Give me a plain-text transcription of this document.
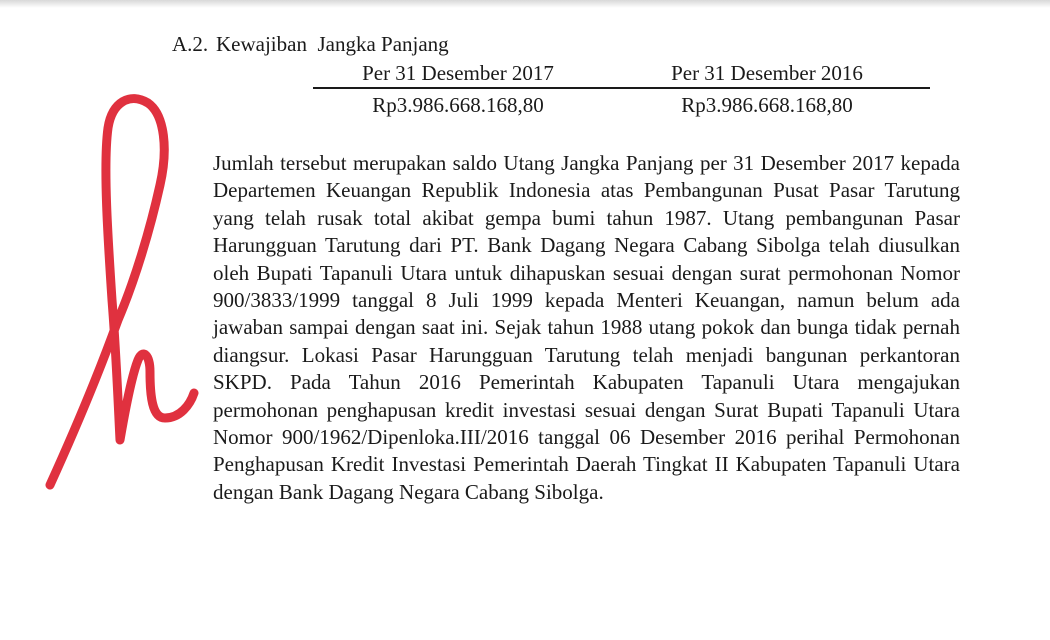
A.2. Kewajiban  Jangka Panjang
Per 31 Desember 2017	Per 31 Desember 2016
Rp3.986.668.168,80	Rp3.986.668.168,80

Jumlah tersebut merupakan saldo Utang Jangka Panjang per 31 Desember 2017 kepada Departemen Keuangan Republik Indonesia atas Pembangunan Pusat Pasar Tarutung yang telah rusak total akibat gempa bumi tahun 1987. Utang pembangunan Pasar Harungguan Tarutung dari PT. Bank Dagang Negara Cabang Sibolga telah diusulkan oleh Bupati Tapanuli Utara untuk dihapuskan sesuai dengan surat permohonan Nomor 900/3833/1999 tanggal 8 Juli 1999 kepada Menteri Keuangan, namun belum ada jawaban sampai dengan saat ini. Sejak tahun 1988 utang pokok dan bunga tidak pernah diangsur. Lokasi Pasar Harungguan Tarutung telah menjadi bangunan perkantoran SKPD. Pada Tahun 2016 Pemerintah Kabupaten Tapanuli Utara mengajukan permohonan penghapusan kredit investasi sesuai dengan Surat Bupati Tapanuli Utara Nomor 900/1962/Dipenloka.III/2016 tanggal 06 Desember 2016 perihal Permohonan Penghapusan Kredit Investasi Pemerintah Daerah Tingkat II Kabupaten Tapanuli Utara dengan Bank Dagang Negara Cabang Sibolga.
